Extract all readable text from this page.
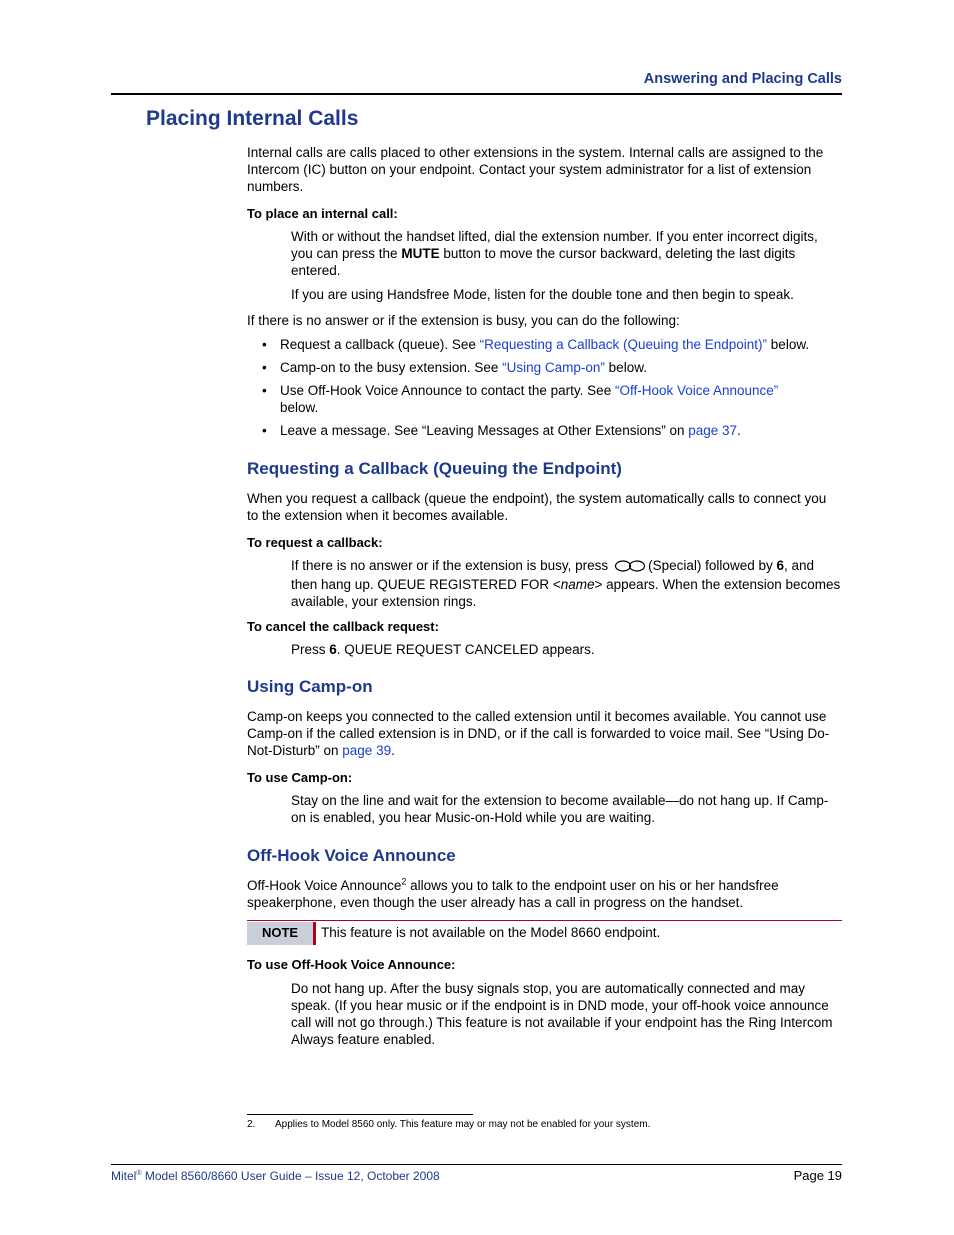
Answering and Placing Calls
Placing Internal Calls

Internal calls are calls placed to other extensions in the system. Internal calls are assigned to the Intercom (IC) button on your endpoint. Contact your system administrator for a list of extension numbers.

To place an internal call:

With or without the handset lifted, dial the extension number. If you enter incorrect digits, you can press the MUTE button to move the cursor backward, deleting the last digits entered.

If you are using Handsfree Mode, listen for the double tone and then begin to speak.

If there is no answer or if the extension is busy, you can do the following:

• Request a callback (queue). See “Requesting a Callback (Queuing the Endpoint)” below.
• Camp-on to the busy extension. See “Using Camp-on” below.
• Use Off-Hook Voice Announce to contact the party. See “Off-Hook Voice Announce” below.
• Leave a message. See “Leaving Messages at Other Extensions” on page 37.
Requesting a Callback (Queuing the Endpoint)

When you request a callback (queue the endpoint), the system automatically calls to connect you to the extension when it becomes available.

To request a callback:

If there is no answer or if the extension is busy, press	(Special) followed by 6, and then hang up. QUEUE REGISTERED FOR <name> appears. When the extension becomes available, your extension rings.

To cancel the callback request:

Press 6. QUEUE REQUEST CANCELED appears.

Using Camp-on

Camp-on keeps you connected to the called extension until it becomes available. You cannot use Camp-on if the called extension is in DND, or if the call is forwarded to voice mail. See “Using Do-Not-Disturb” on page 39.

To use Camp-on:

Stay on the line and wait for the extension to become available—do not hang up. If Camp-on is enabled, you hear Music-on-Hold while you are waiting.

Off-Hook Voice Announce

Off-Hook Voice Announce$^2$ allows you to talk to the endpoint user on his or her handsfree speakerphone, even though the user already has a call in progress on the handset.

NOTE	This feature is not available on the Model 8660 endpoint.

To use Off-Hook Voice Announce:

Do not hang up. After the busy signals stop, you are automatically connected and may speak. (If you hear music or if the endpoint is in DND mode, your off-hook voice announce call will not go through.) This feature is not available if your endpoint has the Ring Intercom Always feature enabled.

2. Applies to Model 8560 only. This feature may or may not be enabled for your system.

Mitel® Model 8560/8660 User Guide – Issue 12, October 2008	Page 19
